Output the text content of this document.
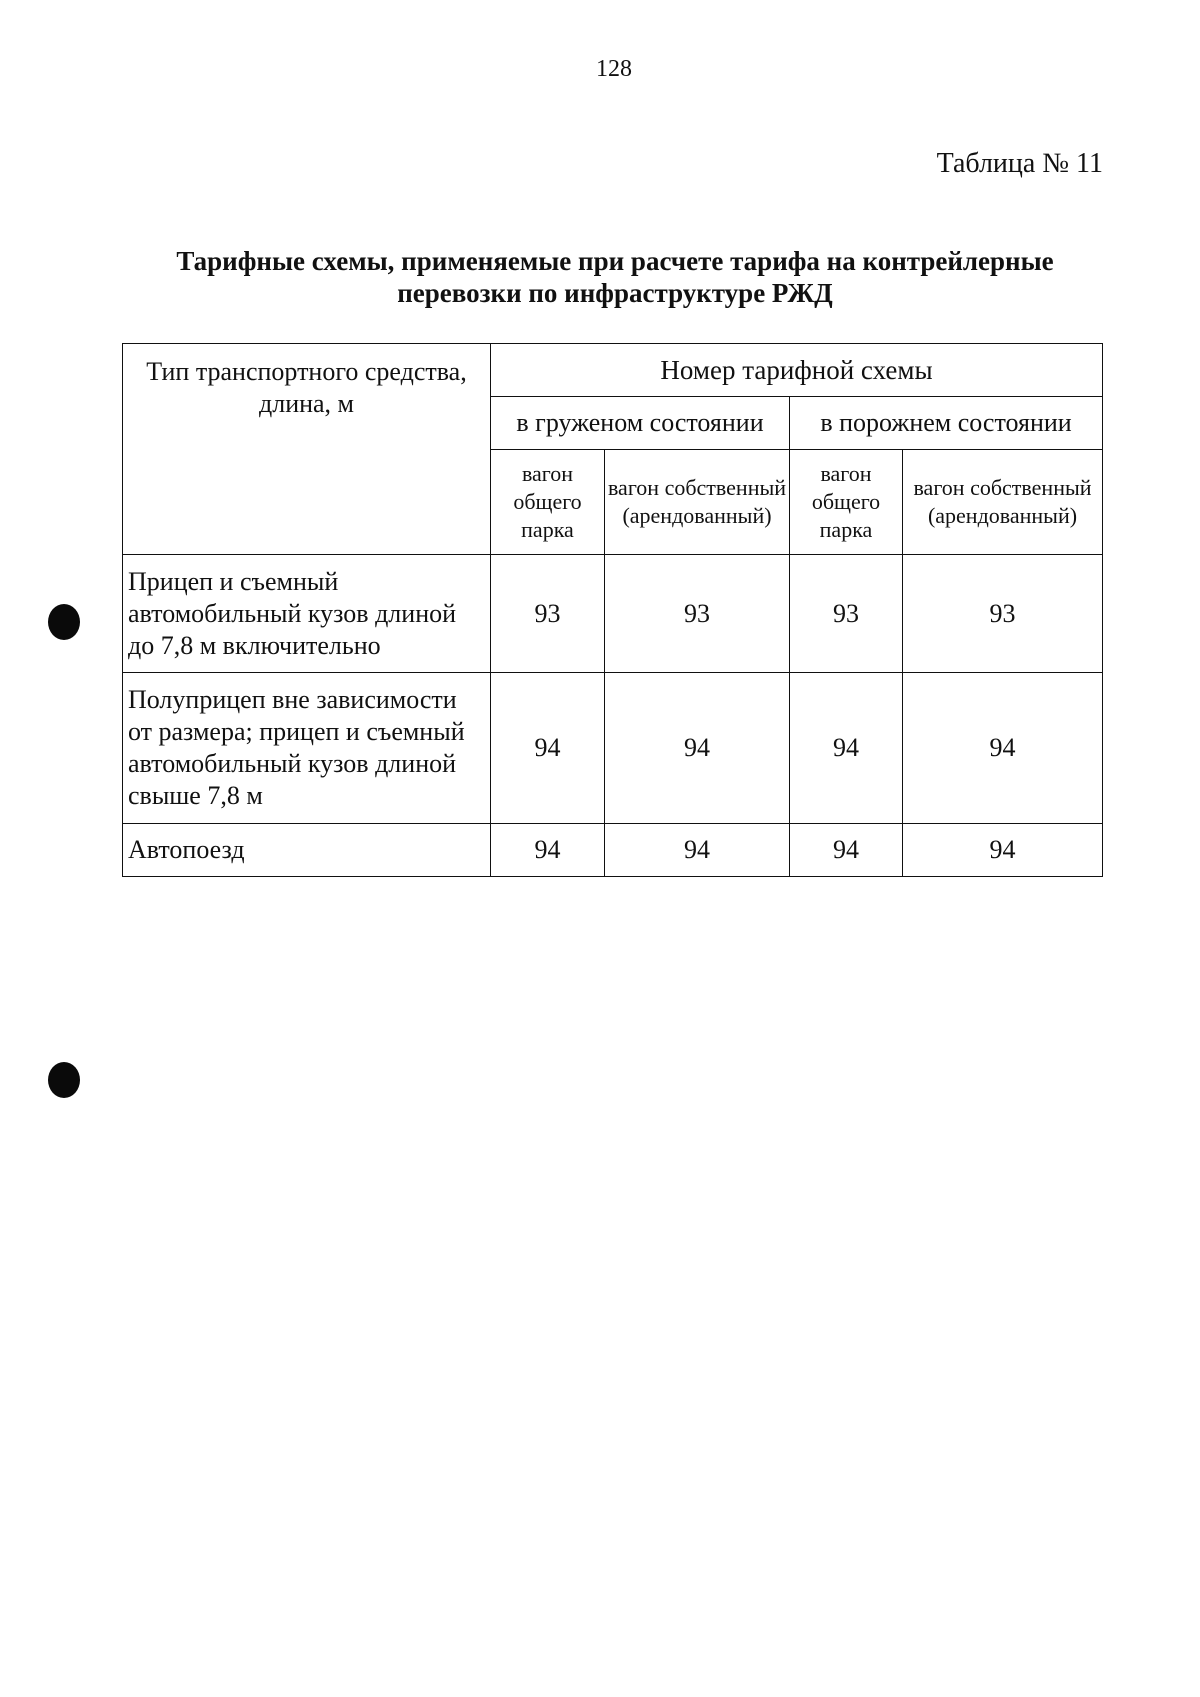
128
Таблица № 11
Тарифные схемы, применяемые при расчете тарифа на контрейлерные перевозки по инфраструктуре РЖД
Тип транспортного средства, длина, м	Номер тарифной схемы			
	в груженом состоянии		в порожнем состоянии	
	вагон общего парка	вагон собственный (арендованный)	вагон общего парка	вагон собственный (арендованный)
Прицеп и съемный автомобильный кузов длиной до 7,8 м включительно	93	93	93	93
Полуприцеп вне зависимости от размера; прицеп и съемный автомобильный кузов длиной свыше 7,8 м	94	94	94	94
Автопоезд	94	94	94	94
